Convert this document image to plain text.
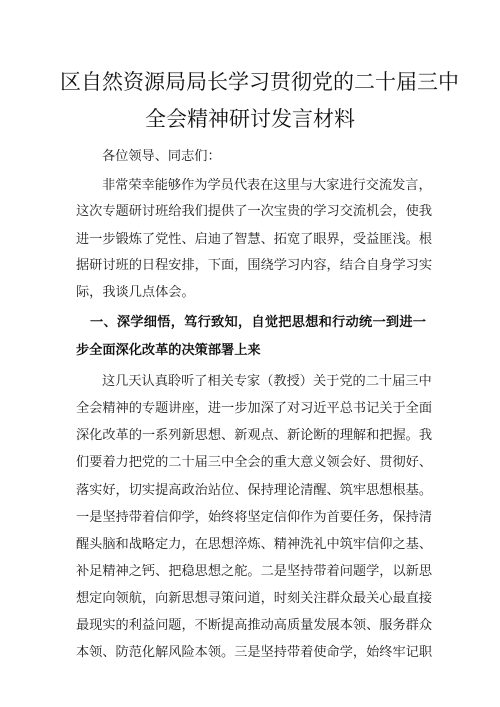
区自然资源局局长学习贯彻党的二十届三中
全会精神研讨发言材料
各位领导、同志们：
非常荣幸能够作为学员代表在这里与大家进行交流发言，
这次专题研讨班给我们提供了一次宝贵的学习交流机会，使我
进一步锻炼了党性、启迪了智慧、拓宽了眼界，受益匪浅。根
据研讨班的日程安排，下面，围绕学习内容，结合自身学习实
际，我谈几点体会。
一、深学细悟，笃行致知，自觉把思想和行动统一到进一
步全面深化改革的决策部署上来
这几天认真聆听了相关专家（教授）关于党的二十届三中
全会精神的专题讲座，进一步加深了对习近平总书记关于全面
深化改革的一系列新思想、新观点、新论断的理解和把握。我
们要着力把党的二十届三中全会的重大意义领会好、贯彻好、
落实好，切实提高政治站位、保持理论清醒、筑牢思想根基。
一是坚持带着信仰学，始终将坚定信仰作为首要任务，保持清
醒头脑和战略定力，在思想淬炼、精神洗礼中筑牢信仰之基、
补足精神之钙、把稳思想之舵。二是坚持带着问题学，以新思
想定向领航，向新思想寻策问道，时刻关注群众最关心最直接
最现实的利益问题，不断提高推动高质量发展本领、服务群众
本领、防范化解风险本领。三是坚持带着使命学，始终牢记职
